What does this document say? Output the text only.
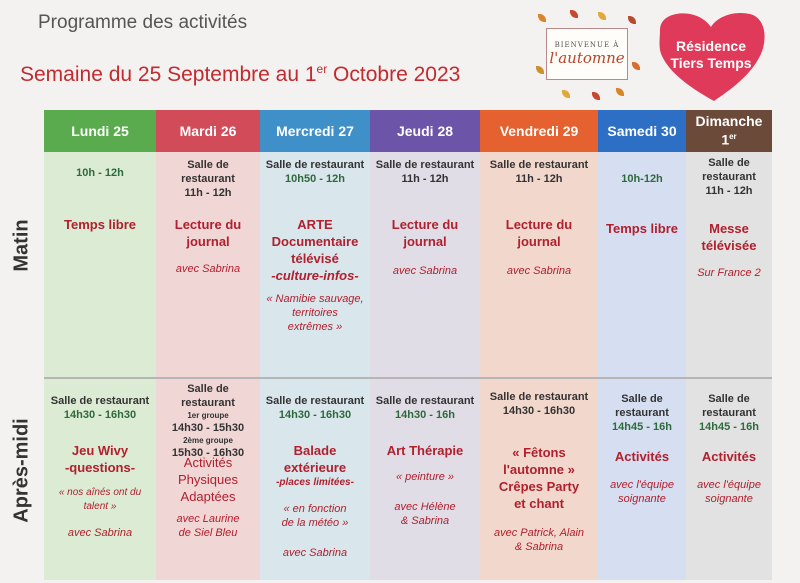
Programme des activités
Semaine du 25 Septembre au 1er Octobre 2023
BIENVENUE À
l'automne
Résidence
Tiers Temps
Matin
Après-midi
Lundi 25
10h - 12h
Temps libre
Salle de restaurant
14h30 - 16h30
Jeu Wivy
-questions-
« nos aînés ont du talent »
avec Sabrina
Mardi 26
Salle de restaurant
11h - 12h
Lecture du
journal
avec Sabrina
Salle de
restaurant
1er groupe
14h30 - 15h30
2ème groupe
15h30 - 16h30
Activités
Physiques
Adaptées
avec Laurine
de Siel Bleu
Mercredi 27
Salle de restaurant
10h50 - 12h
ARTE
Documentaire
télévisé
-culture-infos-
« Namibie sauvage,
territoires
extrêmes »
Salle de restaurant
14h30 - 16h30
Balade
extérieure
-places limitées-
« en fonction
de la météo »
avec Sabrina
Jeudi 28
Salle de restaurant
11h - 12h
Lecture du
journal
avec Sabrina
Salle de restaurant
14h30 - 16h
Art Thérapie
« peinture »
avec Hélène
& Sabrina
Vendredi 29
Salle de restaurant
11h - 12h
Lecture du
journal
avec Sabrina
Salle de restaurant
14h30 - 16h30
« Fêtons
l'automne »
Crêpes Party
et chant
avec Patrick, Alain
& Sabrina
Samedi 30
10h-12h
Temps libre
Salle de
restaurant
14h45 - 16h
Activités
avec l'équipe
soignante
Dimanche
1er
Salle de
restaurant
11h - 12h
Messe
télévisée
Sur France 2
Salle de
restaurant
14h45 - 16h
Activités
avec l'équipe
soignante
